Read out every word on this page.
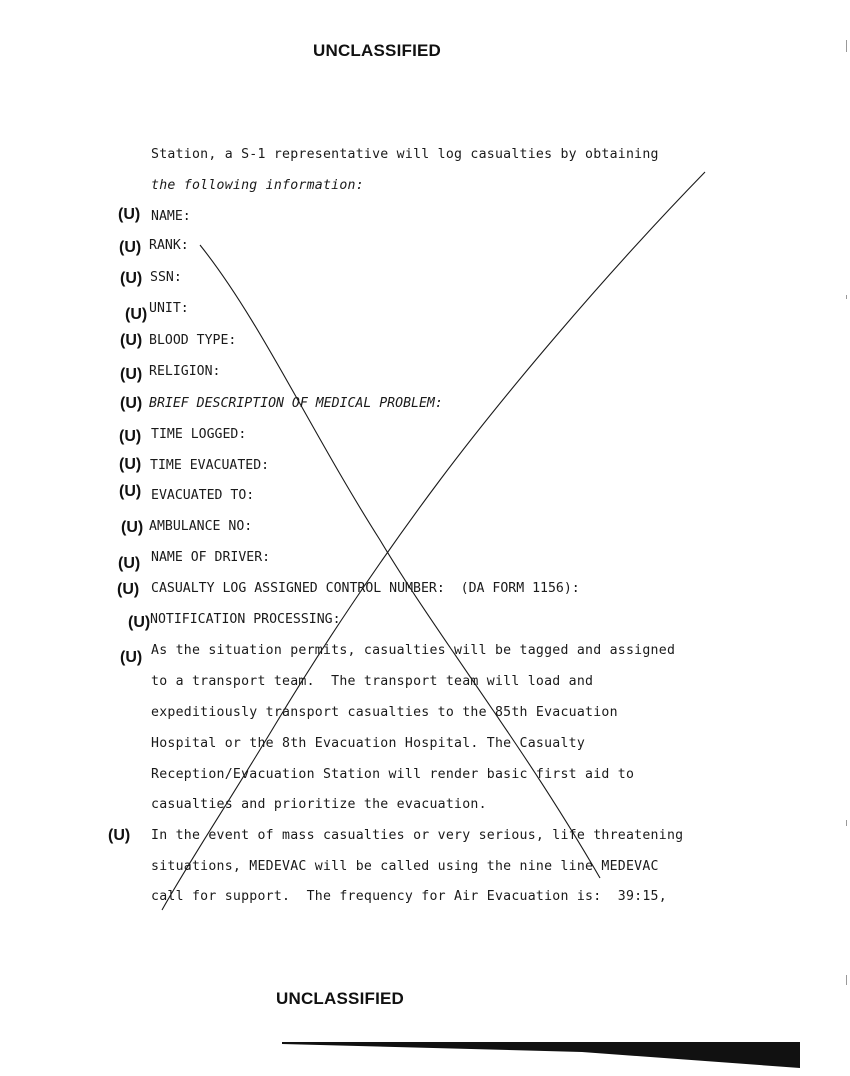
UNCLASSIFIED
Station, a S-1 representative will log casualties by obtaining
the following information:
(U) NAME:
(U) RANK:
(U) SSN:
(U) UNIT:
(U) BLOOD TYPE:
(U) RELIGION:
(U) BRIEF DESCRIPTION OF MEDICAL PROBLEM:
(U) TIME LOGGED:
(U) TIME EVACUATED:
(U) EVACUATED TO:
(U) AMBULANCE NO:
(U) NAME OF DRIVER:
(U) CASUALTY LOG ASSIGNED CONTROL NUMBER:  (DA FORM 1156):
(U) NOTIFICATION PROCESSING:
(U) As the situation permits, casualties will be tagged and assigned
to a transport team.  The transport team will load and
expeditiously transport casualties to the 85th Evacuation
Hospital or the 8th Evacuation Hospital. The Casualty
Reception/Evacuation Station will render basic first aid to
casualties and prioritize the evacuation.
(U) In the event of mass casualties or very serious, life threatening
situations, MEDEVAC will be called using the nine line MEDEVAC
call for support.  The frequency for Air Evacuation is:  39:15,
UNCLASSIFIED
